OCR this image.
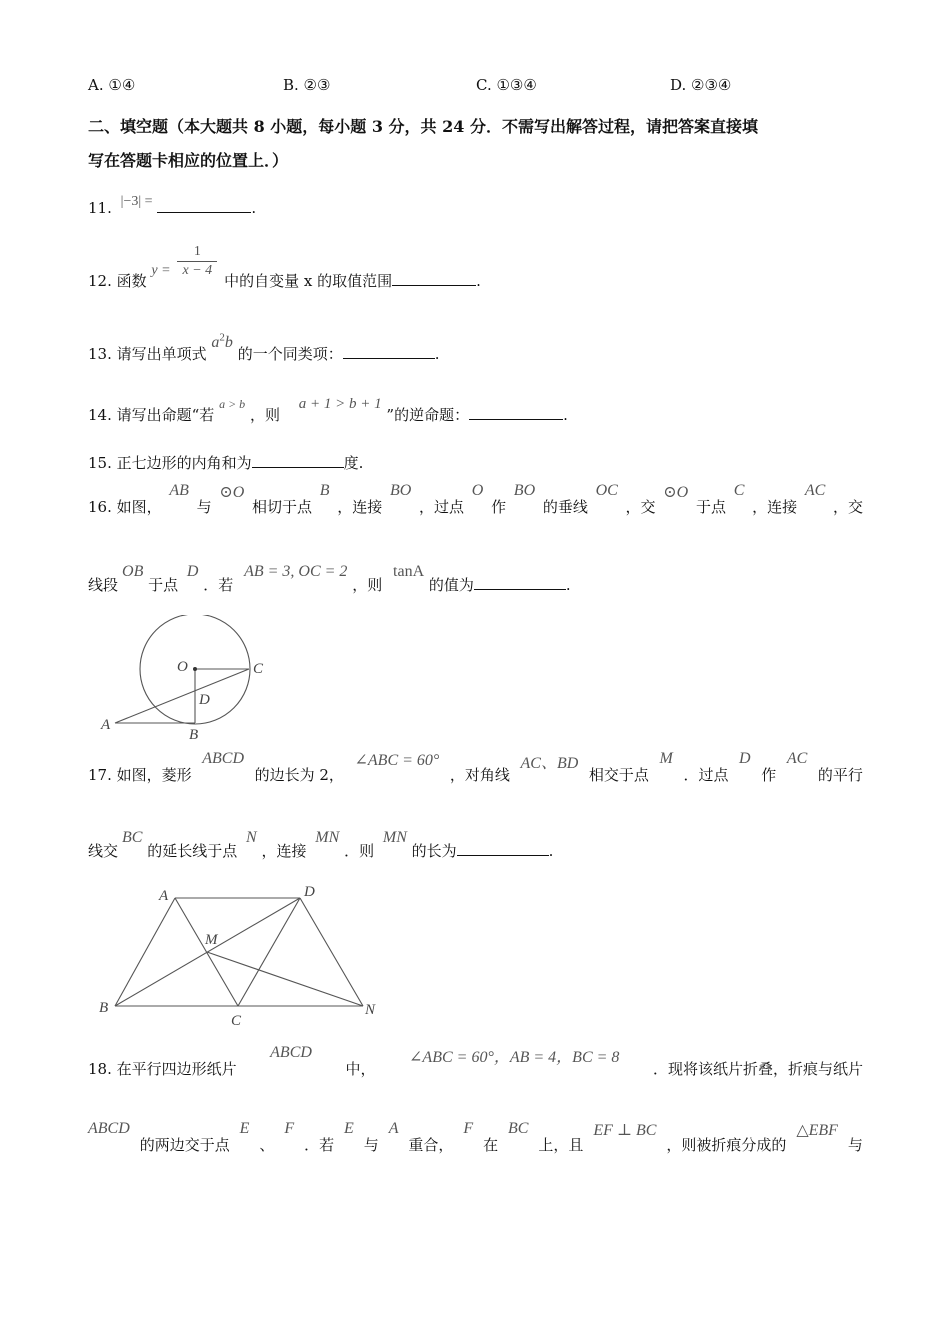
A. ①④	B. ②③	C. ①③④	D. ②③④
二、填空题（本大题共 8 小题，每小题 3 分，共 24 分．不需写出解答过程，请把答案直接填
写在答题卡相应的位置上．）
11. |−3| =	.
12. 函数 $y = \frac{1}{x - 4}$
中的自变量 x 的取值范围	.
13. 请写出单项式 $a^2b$ 的一个同类项：	.
14. 请写出命题“若 $_{a > b}$ ，则 a + 1 > b + 1 ”的逆命题：	.
15. 正七边形的内角和为	度.
16. 如图，
AB
与
⊙O
相切于点
B
，连接
BO
，过点
O
作
BO
的垂线
OC
，交
⊙O
于点
C
，连接
AC
，交
线段OB 于点 D ．若 AB = 3, OC = 2 ，则 tanA 的值为	.
O	C
D
A
B
17. 如图，菱形
ABCD
的边长为 2，
∠ABC = 60°
，对角线
AC、BD
相交于点
M
．过点
D
作
AC
的平行
线交BC 的延长线于点 N ，连接 MN ．则 MN 的长为	.
A	D
M
B
C
N
18. 在平行四边形纸片
ABCD
中，
∠ABC = 60°，AB = 4，BC = 8
．现将该纸片折叠，折痕与纸片
ABCD
的两边交于点
E
、
F
．若
E
与
A
重合，
F
在
BC
上，且
EF ⊥ BC
，则被折痕分成的
△EBF
与
